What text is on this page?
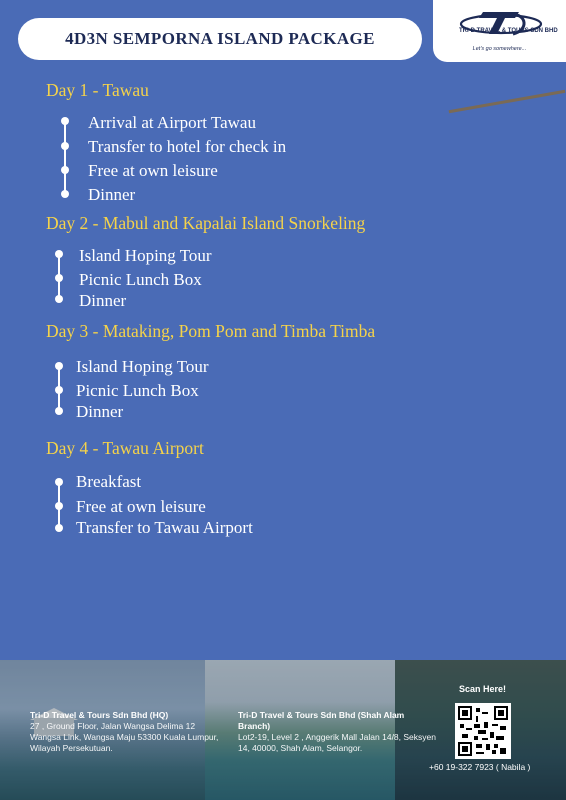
4D3N SEMPORNA ISLAND PACKAGE	TRI-D TRAVEL & TOURS SDN BHD
Let's go somewhere...
Day 1 - Tawau
Arrival at Airport Tawau
Transfer to hotel for check in
Free at own leisure
Dinner
Day 2 - Mabul and Kapalai Island Snorkeling
Island Hoping Tour
Picnic Lunch Box
Dinner
Day 3 - Mataking, Pom Pom and Timba Timba
Island Hoping Tour
Picnic Lunch Box
Dinner
Day 4 - Tawau Airport
Breakfast
Free at own leisure
Transfer to Tawau Airport
Tri-D Travel & Tours Sdn Bhd (HQ)
27 , Ground Floor, Jalan Wangsa Delima 12 Wangsa Link, Wangsa Maju 53300 Kuala Lumpur, Wilayah Persekutuan.
Tri-D Travel & Tours Sdn Bhd (Shah Alam Branch)
Lot2-19, Level 2 , Anggerik Mall Jalan 14/8, Seksyen 14, 40000, Shah Alam, Selangor.
Scan Here!
+60 19-322 7923 ( Nabila )
